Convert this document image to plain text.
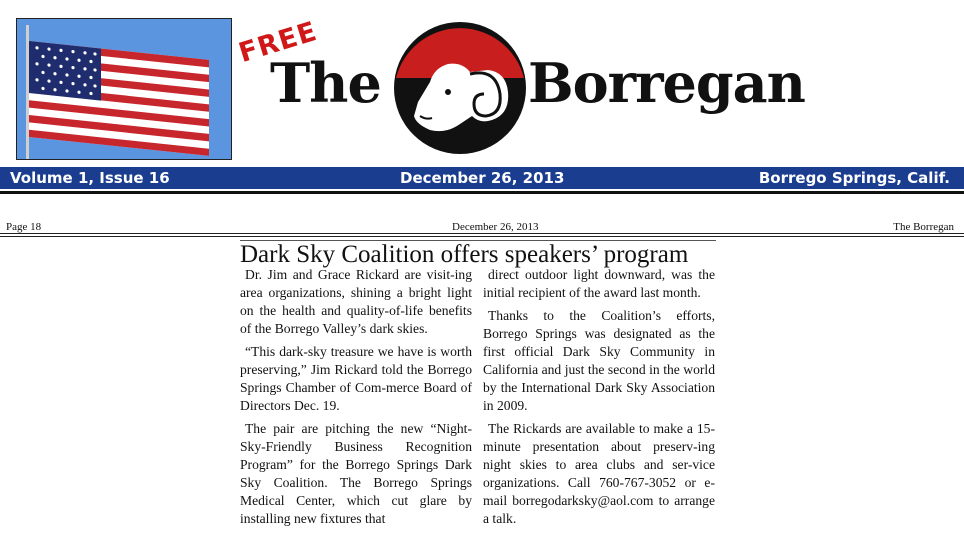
FREE
The	Borregan
Volume 1, Issue 16	December 26, 2013	Borrego Springs, Calif.
Page 18	December 26, 2013	The Borregan
Dark Sky Coalition offers speakers’ program

Dr. Jim and Grace Rickard are visit-ing area organizations, shining a bright light on the health and quality-of-life benefits of the Borrego Valley’s dark skies.

“This dark-sky treasure we have is worth preserving,” Jim Rickard told the Borrego Springs Chamber of Com-merce Board of Directors Dec. 19.

The pair are pitching the new “Night-Sky-Friendly Business Recognition Program” for the Borrego Springs Dark Sky Coalition. The Borrego Springs Medical Center, which cut glare by installing new fixtures that

direct outdoor light downward, was the initial recipient of the award last month.

Thanks to the Coalition’s efforts, Borrego Springs was designated as the first official Dark Sky Community in California and just the second in the world by the International Dark Sky Association in 2009.

The Rickards are available to make a 15-minute presentation about preserv-ing night skies to area clubs and ser-vice organizations. Call 760-767-3052 or e-mail borregodarksky@aol.com to arrange a talk.
